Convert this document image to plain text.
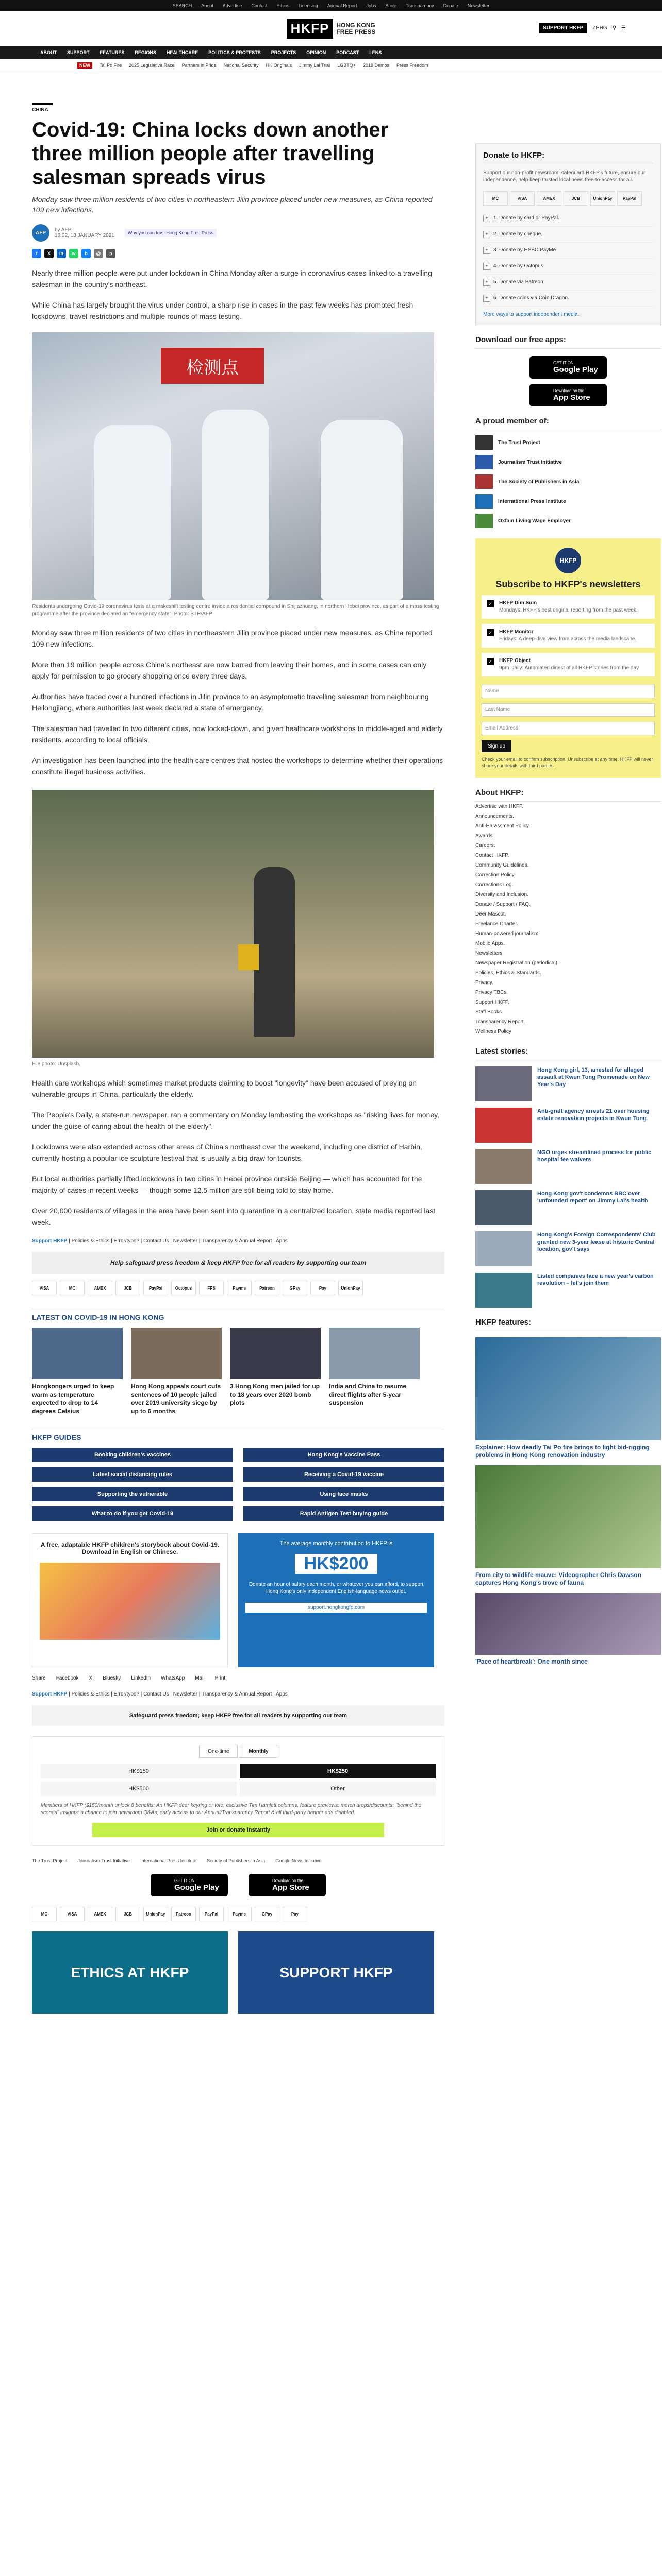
SEARCH About Advertise Contact Ethics Licensing Annual Report Jobs Store Transparency Donate Newsletter
HKFP	HONG KONG
FREE PRESS	SUPPORT HKFP	ZHHG ⚲ ☰
ABOUT SUPPORT FEATURES REGIONS HEALTHCARE POLITICS & PROTESTS PROJECTS OPINION PODCAST LENS
NEW	Tai Po Fire 2025 Legislative Race Partners in Pride National Security HK Originals Jimmy Lai Trial LGBTQ+ 2019 Demos Press Freedom
CHINA
Covid-19: China locks down another three million people after travelling salesman spreads virus
Monday saw three million residents of two cities in northeastern Jilin province placed under new measures, as China reported 109 new infections.
AFP	by AFP
16:02, 18 JANUARY 2021	Why you can trust Hong Kong Free Press
f	X	in	w	b	@	p

Nearly three million people were put under lockdown in China Monday after a surge in coronavirus cases linked to a travelling salesman in the country's northeast.

While China has largely brought the virus under control, a sharp rise in cases in the past few weeks has prompted fresh lockdowns, travel restrictions and multiple rounds of mass testing.

检测点
Residents undergoing Covid-19 coronavirus tests at a makeshift testing centre inside a residential compound in Shijiazhuang, in northern Hebei province, as part of a mass testing programme after the province declared an "emergency state". Photo: STR/AFP

Monday saw three million residents of two cities in northeastern Jilin province placed under new measures, as China reported 109 new infections.

More than 19 million people across China's northeast are now barred from leaving their homes, and in some cases can only apply for permission to go grocery shopping once every three days.

Authorities have traced over a hundred infections in Jilin province to an asymptomatic travelling salesman from neighbouring Heilongjiang, where authorities last week declared a state of emergency.

The salesman had travelled to two different cities, now locked-down, and given healthcare workshops to middle-aged and elderly residents, according to local officials.

An investigation has been launched into the health care centres that hosted the workshops to determine whether their operations constitute illegal business activities.

File photo: Unsplash.

Health care workshops which sometimes market products claiming to boost "longevity" have been accused of preying on vulnerable groups in China, particularly the elderly.

The People's Daily, a state-run newspaper, ran a commentary on Monday lambasting the workshops as "risking lives for money, under the guise of caring about the health of the elderly".

Lockdowns were also extended across other areas of China's northeast over the weekend, including one district of Harbin, currently hosting a popular ice sculpture festival that is usually a big draw for tourists.

But local authorities partially lifted lockdowns in two cities in Hebei province outside Beijing — which has accounted for the majority of cases in recent weeks — though some 12.5 million are still being told to stay home.

Over 20,000 residents of villages in the area have been sent into quarantine in a centralized location, state media reported last week.

Support HKFP | Policies & Ethics | Error/typo? | Contact Us | Newsletter | Transparency & Annual Report | Apps
Help safeguard press freedom & keep HKFP free for all readers by supporting our team
VISA	MC	AMEX	JCB	PayPal	Octopus	FPS	Payme	Patreon	GPay	Pay	UnionPay
LATEST ON COVID-19 IN HONG KONG
Hongkongers urged to keep warm as temperature expected to drop to 14 degrees Celsius
Hong Kong appeals court cuts sentences of 10 people jailed over 2019 university siege by up to 6 months
3 Hong Kong men jailed for up to 18 years over 2020 bomb plots
India and China to resume direct flights after 5-year suspension
HKFP GUIDES
Booking children's vaccines	Hong Kong's Vaccine Pass
Latest social distancing rules	Receiving a Covid-19 vaccine
Supporting the vulnerable	Using face masks
What to do if you get Covid-19	Rapid Antigen Test buying guide
A free, adaptable HKFP children's storybook about Covid-19. Download in English or Chinese.
The average monthly contribution to HKFP is
HK$200
Donate an hour of salary each month, or whatever you can afford, to support Hong Kong's only independent English-language news outlet.
support.hongkongfp.com
Share Facebook X Bluesky LinkedIn WhatsApp Mail Print
Support HKFP | Policies & Ethics | Error/typo? | Contact Us | Newsletter | Transparency & Annual Report | Apps
Safeguard press freedom; keep HKFP free for all readers by supporting our team
One-time	Monthly
HK$150	HK$250
HK$500	Other
Members of HKFP ($150/month unlock 8 benefits: An HKFP deer keyring or tote; exclusive Tim Hamlett columns, feature previews; merch drops/discounts; "behind the scenes" insights; a chance to join newsroom Q&As; early access to our Annual/Transparency Report & all third-party banner ads disabled.
Join or donate instantly
The Trust Project Journalism Trust Initiative International Press Institute Society of Publishers in Asia Google News Initiative
GET IT ON
Google Play
Download on the
App Store
MC	VISA	AMEX	JCB	UnionPay	Patreon	PayPal	Payme	GPay	Pay
ETHICS AT HKFP	SUPPORT HKFP
Donate to HKFP:
Support our non-profit newsroom: safeguard HKFP's future, ensure our independence, help keep trusted local news free-to-access for all.
MC	VISA	AMEX	JCB	UnionPay	PayPal
+ 1. Donate by card or PayPal.
+ 2. Donate by cheque.
+ 3. Donate by HSBC PayMe.
+ 4. Donate by Octopus.
+ 5. Donate via Patreon.
+ 6. Donate coins via Coin Dragon.
More ways to support independent media.
Download our free apps:
GET IT ON
Google Play
Download on the
App Store
A proud member of:
The Trust Project
Journalism Trust Initiative
The Society of Publishers in Asia
International Press Institute
Oxfam Living Wage Employer
HKFP
Subscribe to HKFP's newsletters
✓ HKFP Dim Sum

Mondays: HKFP's best original reporting from the past week.

✓ HKFP Monitor

Fridays: A deep-dive view from across the media landscape.

✓ HKFP Object

9pm Daily: Automated digest of all HKFP stories from the day.

Name
Last Name
Email Address
Sign up
Check your email to confirm subscription. Unsubscribe at any time. HKFP will never share your details with third parties.
About HKFP:
Advertise with HKFP.
Announcements.
Anti-Harassment Policy.
Awards.
Careers.
Contact HKFP.
Community Guidelines.
Correction Policy.
Corrections Log.
Diversity and Inclusion.
Donate / Support / FAQ.
Deer Mascot.
Freelance Charter.
Human-powered journalism.
Mobile Apps.
Newsletters.
Newspaper Registration (periodical).
Policies, Ethics & Standards.
Privacy.
Privacy TBCs.
Support HKFP.
Staff Books.
Transparency Report.
Wellness Policy
Latest stories:
Hong Kong girl, 13, arrested for alleged assault at Kwun Tong Promenade on New Year's Day
Anti-graft agency arrests 21 over housing estate renovation projects in Kwun Tong
NGO urges streamlined process for public hospital fee waivers
Hong Kong gov't condemns BBC over 'unfounded report' on Jimmy Lai's health
Hong Kong's Foreign Correspondents' Club granted new 3-year lease at historic Central location, gov't says
Listed companies face a new year's carbon revolution – let's join them
HKFP features:

Explainer: How deadly Tai Po fire brings to light bid-rigging problems in Hong Kong renovation industry

From city to wildlife mauve: Videographer Chris Dawson captures Hong Kong's trove of fauna

'Pace of heartbreak': One month since
